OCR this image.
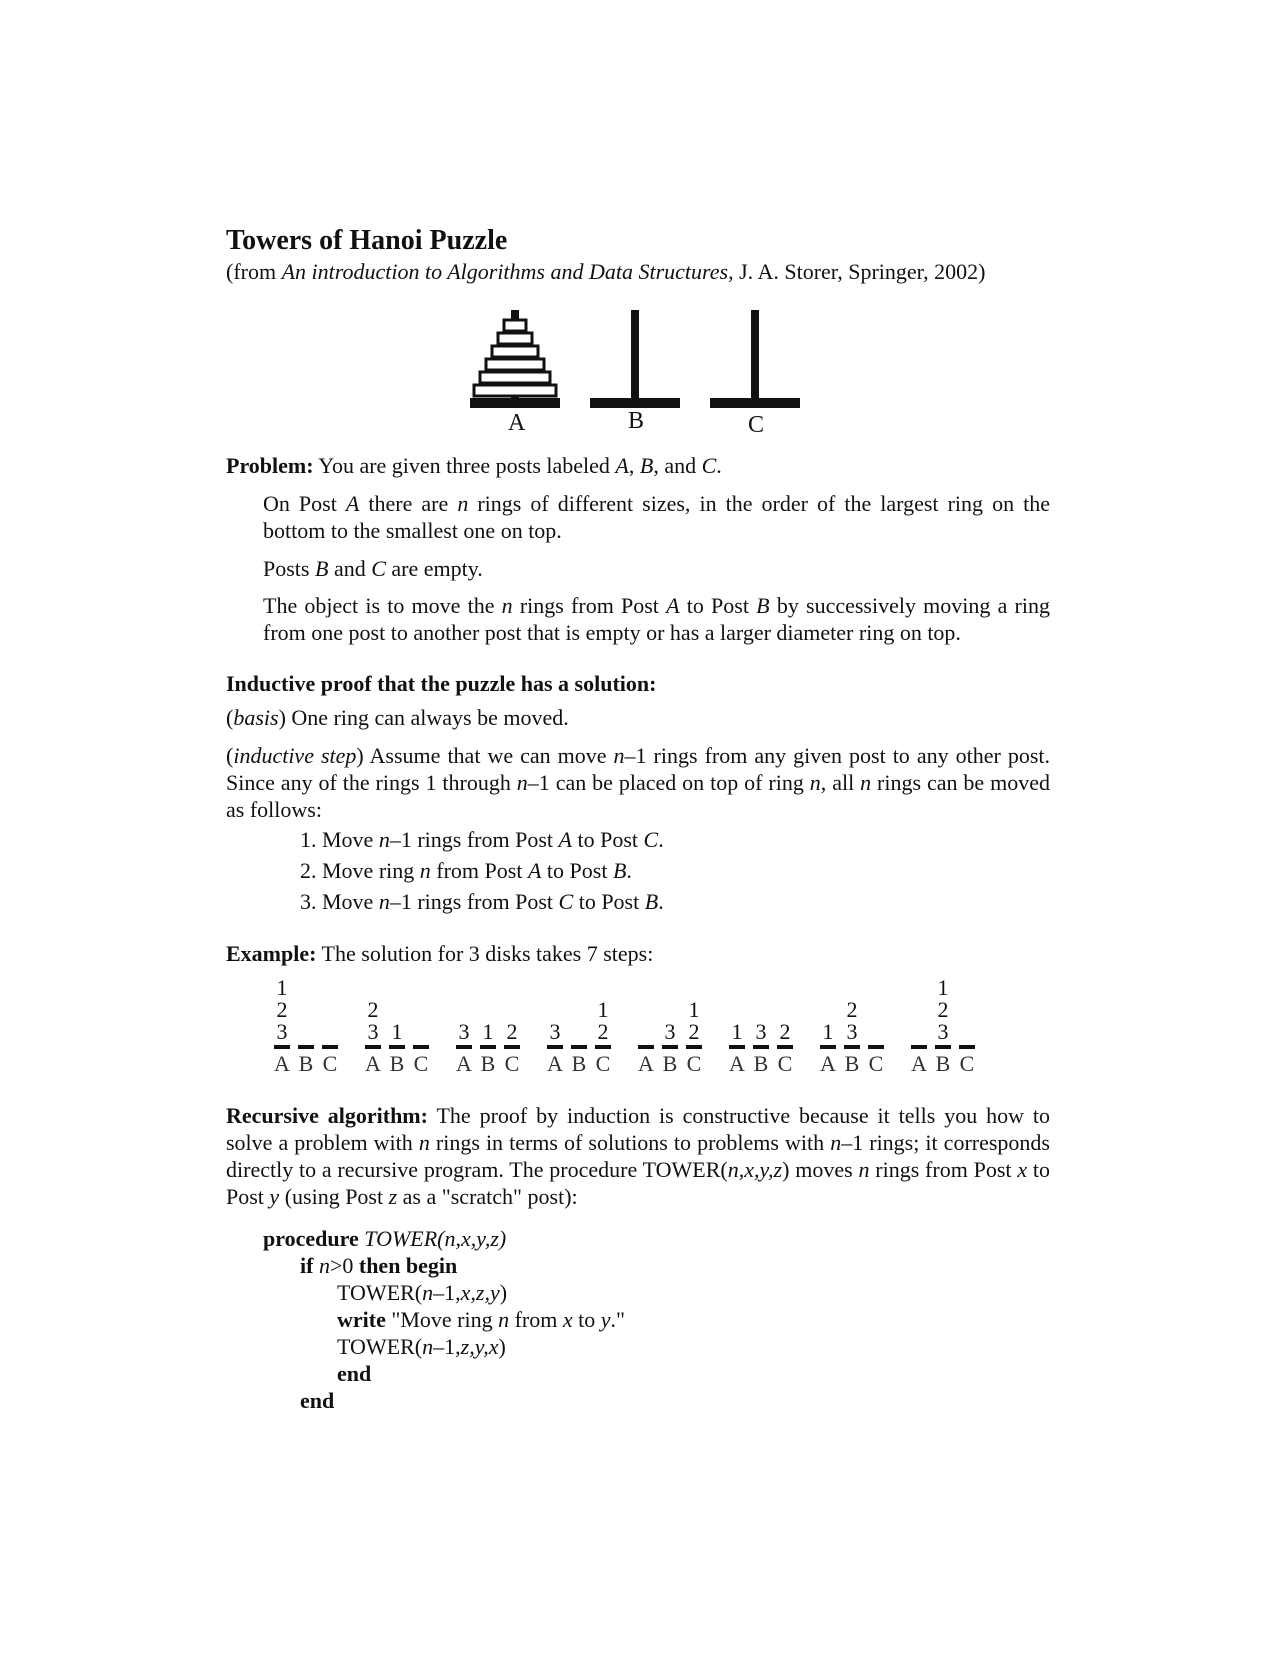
Towers of Hanoi Puzzle
(from An introduction to Algorithms and Data Structures, J. A. Storer, Springer, 2002)
A	B	C
Problem: You are given three posts labeled A, B, and C.
On Post A there are n rings of different sizes, in the order of the largest ring on the bottom to the smallest one on top.
Posts B and C are empty.
The object is to move the n rings from Post A to Post B by successively moving a ring from one post to another post that is empty or has a larger diameter ring on top.
Inductive proof that the puzzle has a solution:
(basis) One ring can always be moved.
(inductive step) Assume that we can move n–1 rings from any given post to any other post. Since any of the rings 1 through n–1 can be placed on top of ring n, all n rings can be moved as follows:
1. Move n–1 rings from Post A to Post C.
2. Move ring n from Post A to Post B.
3. Move n–1 rings from Post C to Post B.
Example: The solution for 3 disks takes 7 steps:
A
1
2
3
B C A
2
3
B
1
C A
3
B
1
C
2
A
3
B C
1
2
A B
3
C
1
2
A
1
B
3
C
2
A
1
B
2
3
C A B
1
2
3
C
Recursive algorithm: The proof by induction is constructive because it tells you how to solve a problem with n rings in terms of solutions to problems with n–1 rings; it corresponds directly to a recursive program. The procedure TOWER(n,x,y,z) moves n rings from Post x to Post y (using Post z as a "scratch" post):
procedure TOWER(n,x,y,z)
if n>0 then begin
TOWER(n–1,x,z,y)
write "Move ring n from x to y."
TOWER(n–1,z,y,x)
end
end
